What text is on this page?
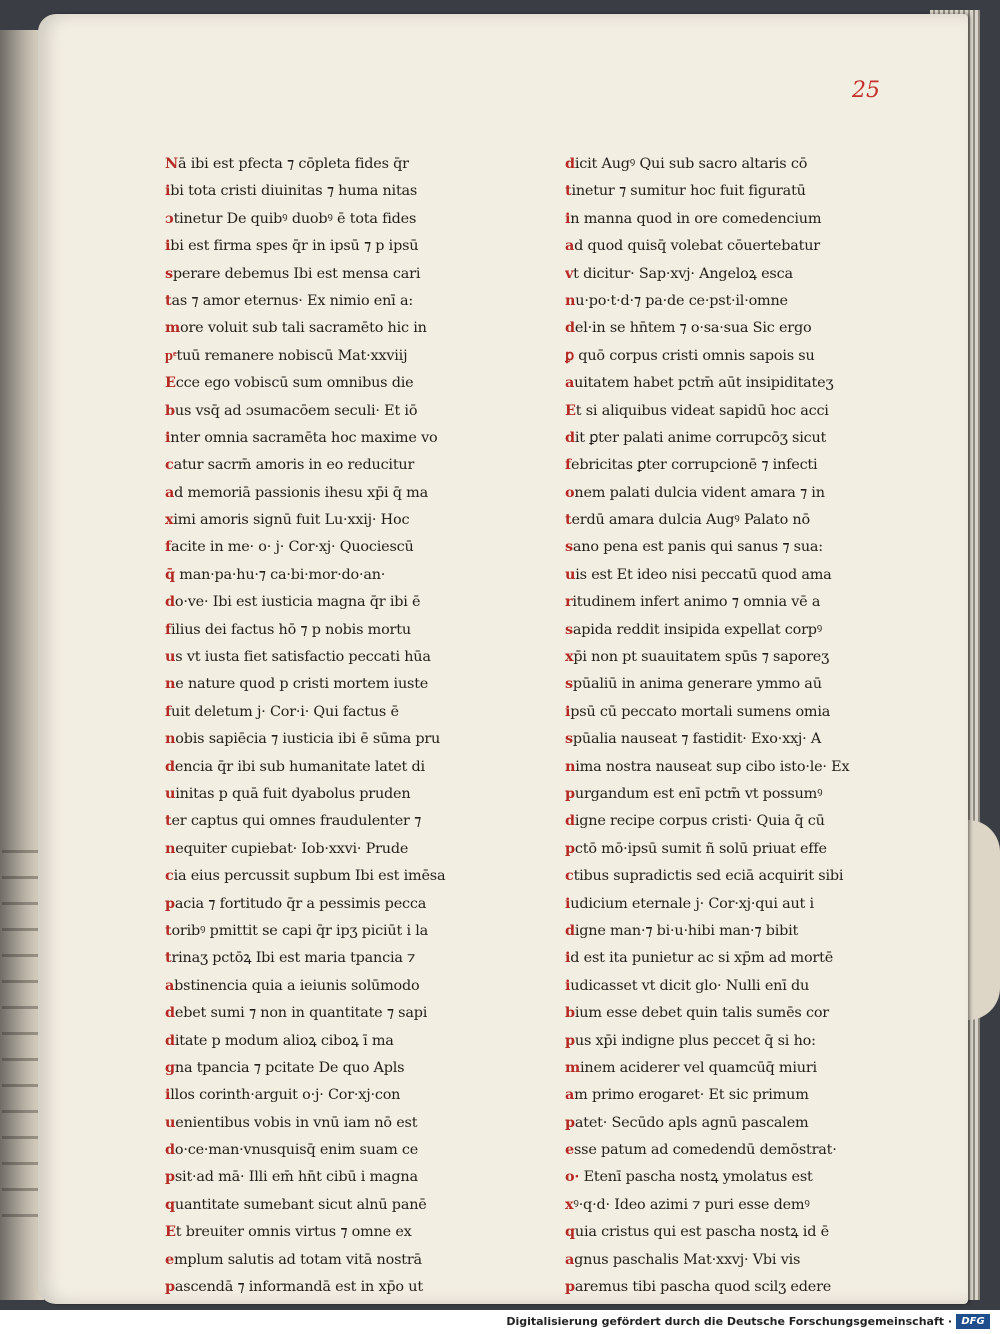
25
Nā ibi est pfecta ⁊ cōpleta fides q̄r
ibi tota cristi diuinitas ⁊ huma nitas
ɔtinetur De quibꝰ duobꝰ ē tota fides
ibi est firma spes q̄r in ipsū ⁊ p ipsū
sperare debemus Ibi est mensa cari
tas ⁊ amor eternus· Ex nimio enī a:
more voluit sub tali sacramēto hic in
pͤtuū remanere nobiscū Mat·xxviij
Ecce ego vobiscū sum omnibus die
bus vsq̄ ad ɔsumacōem seculi· Et iō
inter omnia sacramēta hoc maxime vo
catur sacrm̄ amoris in eo reducitur
ad memoriā passionis ihesu xp̄i q̄ ma
ximi amoris signū fuit Lu·xxij· Hoc
facite in me· o· j· Cor·xj· Quociescū
q̄ man·pa·hu·⁊ ca·bi·mor·do·an·
do·ve· Ibi est iusticia magna q̄r ibi ē
filius dei factus hō ⁊ p nobis mortu
us vt iusta fiet satisfactio peccati hūa
ne nature quod p cristi mortem iuste
fuit deletum j· Cor·i· Qui factus ē
nobis sapiēcia ⁊ iusticia ibi ē sūma pru
dencia q̄r ibi sub humanitate latet di
uinitas p quā fuit dyabolus pruden
ter captus qui omnes fraudulenter ⁊
nequiter cupiebat· Iob·xxvi· Prude
cia eius percussit supbum Ibi est imēsa
pacia ⁊ fortitudo q̄r a pessimis pecca
toribꝰ pmittit se capi q̄r ipʒ piciūt i la
trinaʒ pctōꝝ Ibi est maria tpancia ⁊
abstinencia quia a ieiunis solūmodo
debet sumi ⁊ non in quantitate ⁊ sapi
ditate p modum alioꝝ ciboꝝ ī ma
gna tpancia ⁊ pcitate De quo Apls
illos corinth·arguit o·j· Cor·xj·con
uenientibus vobis in vnū iam nō est
do·ce·man·vnusquisq̄ enim suam ce
psit·ad mā· Illi em̄ hn̄t cibū i magna
quantitate sumebant sicut alnū panē
Et breuiter omnis virtus ⁊ omne ex
emplum salutis ad totam vitā nostrā
pascendā ⁊ informandā est in xp̄o ut
dicit Augꝰ Qui sub sacro altaris cō
tinetur ⁊ sumitur hoc fuit figuratū
in manna quod in ore comedencium
ad quod quisq̄ volebat cōuertebatur
vt dicitur· Sap·xvj· Angeloꝝ esca
nu·po·t·d·⁊ pa·de ce·pst·il·omne
del·in se hn̄tem ⁊ o·sa·sua Sic ergo
ꝑ quō corpus cristi omnis sapois su
auitatem habet pctm̄ aūt insipiditateʒ
Et si aliquibus videat sapidū hoc acci
dit ꝑter palati anime corrupcōʒ sicut
febricitas ꝑter corrupcionē ⁊ infecti
onem palati dulcia vident amara ⁊ in
terdū amara dulcia Augꝰ Palato nō
sano pena est panis qui sanus ⁊ sua:
uis est Et ideo nisi peccatū quod ama
ritudinem infert animo ⁊ omnia vē a
sapida reddit insipida expellat corpꝰ
xp̄i non pt suauitatem spūs ⁊ saporeʒ
spūaliū in anima generare ymmo aū
ipsū cū peccato mortali sumens omia
spūalia nauseat ⁊ fastidit· Exo·xxj· A
nima nostra nauseat sup cibo isto·le· Ex
purgandum est enī pctm̄ vt possumꝰ
digne recipe corpus cristi· Quia q̄ cū
pctō mō·ipsū sumit ñ solū priuat effe
ctibus supradictis sed eciā acquirit sibi
iudicium eternale j· Cor·xj·qui aut i
digne man·⁊ bi·u·hibi man·⁊ bibit
id est ita punietur ac si xp̄m ad mortē
iudicasset vt dicit glo· Nulli enī du
bium esse debet quin talis sumēs cor
pus xp̄i indigne plus peccet q̄ si ho:
minem aciderer vel quamcūq̄ miuri
am primo erogaret· Et sic primum
patet· Secūdo apls agnū pascalem
esse patum ad comedendū demōstrat·
o· Etenī pascha nostꝝ ymolatus est
xꝰ·q·d· Ideo azimi ⁊ puri esse demꝰ
quia cristus qui est pascha nostꝝ id ē
agnus paschalis Mat·xxvj· Vbi vis
paremus tibi pascha quod scilʒ edere
Digitalisierung gefördert durch die Deutsche Forschungsgemeinschaft · DFG
